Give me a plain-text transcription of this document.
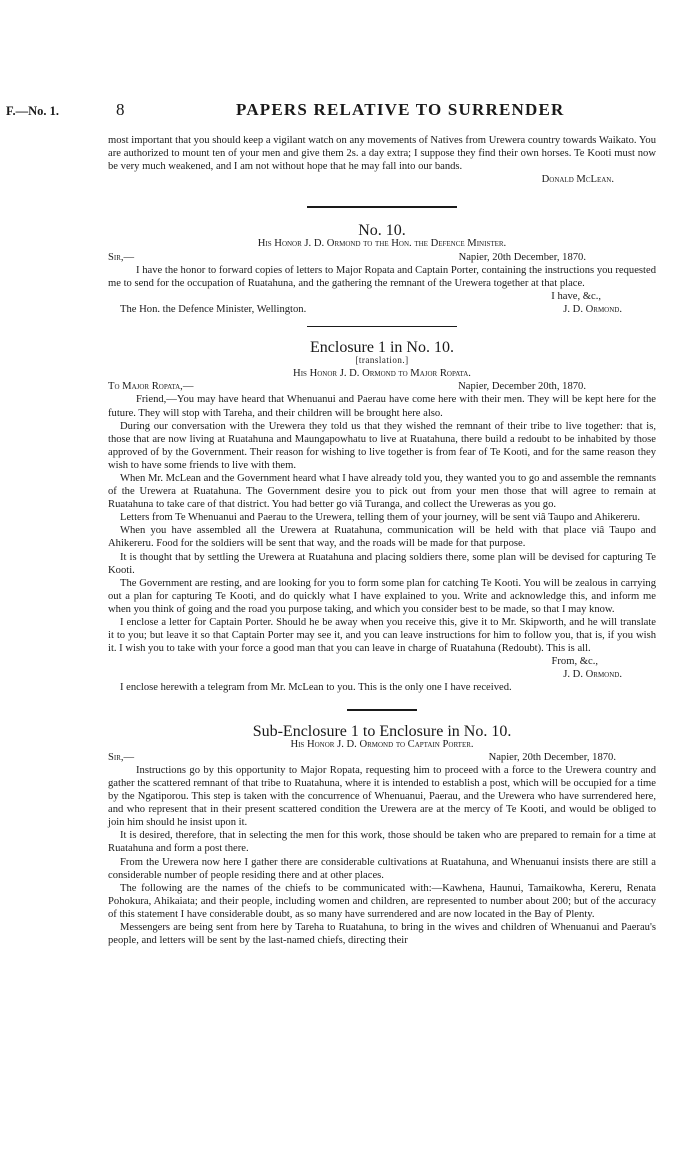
F.—No. 1.	8	PAPERS RELATIVE TO SURRENDER

most important that you should keep a vigilant watch on any movements of Natives from Urewera country towards Waikato. You are authorized to mount ten of your men and give them 2s. a day extra; I suppose they find their own horses. Te Kooti must now be very much weakened, and I am not without hope that he may fall into our bands.

Donald McLean.

No. 10.

His Honor J. D. Ormond to the Hon. the Defence Minister.

Sir,—	Napier, 20th December, 1870.

I have the honor to forward copies of letters to Major Ropata and Captain Porter, containing the instructions you requested me to send for the occupation of Ruatahuna, and the gathering the remnant of the Urewera together at that place.

I have, &c.,

The Hon. the Defence Minister, Wellington.	J. D. Ormond.

Enclosure 1 in No. 10.

[translation.]

His Honor J. D. Ormond to Major Ropata.

To Major Ropata,—	Napier, December 20th, 1870.

Friend,—You may have heard that Whenuanui and Paerau have come here with their men. They will be kept here for the future. They will stop with Tareha, and their children will be brought here also.

During our conversation with the Urewera they told us that they wished the remnant of their tribe to live together: that is, those that are now living at Ruatahuna and Maungapowhatu to live at Ruatahuna, there build a redoubt to be inhabited by those approved of by the Government. Their reason for wishing to live together is from fear of Te Kooti, and for the same reason they wish to have some friends to live with them.

When Mr. McLean and the Government heard what I have already told you, they wanted you to go and assemble the remnants of the Urewera at Ruatahuna. The Government desire you to pick out from your men those that will agree to remain at Ruatahuna to take care of that district. You had better go viâ Turanga, and collect the Ureweras as you go.

Letters from Te Whenuanui and Paerau to the Urewera, telling them of your journey, will be sent viâ Taupo and Ahikereru.

When you have assembled all the Urewera at Ruatahuna, communication will be held with that place viâ Taupo and Ahikereru. Food for the soldiers will be sent that way, and the roads will be made for that purpose.

It is thought that by settling the Urewera at Ruatahuna and placing soldiers there, some plan will be devised for capturing Te Kooti.

The Government are resting, and are looking for you to form some plan for catching Te Kooti. You will be zealous in carrying out a plan for capturing Te Kooti, and do quickly what I have explained to you. Write and acknowledge this, and inform me when you think of going and the road you purpose taking, and which you consider best to be made, so that I may know.

I enclose a letter for Captain Porter. Should he be away when you receive this, give it to Mr. Skipworth, and he will translate it to you; but leave it so that Captain Porter may see it, and you can leave instructions for him to follow you, that is, if you wish it. I wish you to take with your force a good man that you can leave in charge of Ruatahuna (Redoubt). This is all.

From, &c.,

J. D. Ormond.

I enclose herewith a telegram from Mr. McLean to you. This is the only one I have received.

Sub-Enclosure 1 to Enclosure in No. 10.

His Honor J. D. Ormond to Captain Porter.

Sir,—	Napier, 20th December, 1870.

Instructions go by this opportunity to Major Ropata, requesting him to proceed with a force to the Urewera country and gather the scattered remnant of that tribe to Ruatahuna, where it is intended to establish a post, which will be occupied for a time by the Ngatiporou. This step is taken with the concurrence of Whenuanui, Paerau, and the Urewera who have surrendered here, and who represent that in their present scattered condition the Urewera are at the mercy of Te Kooti, and would be obliged to join him should he insist upon it.

It is desired, therefore, that in selecting the men for this work, those should be taken who are prepared to remain for a time at Ruatahuna and form a post there.

From the Urewera now here I gather there are considerable cultivations at Ruatahuna, and Whenuanui insists there are still a considerable number of people residing there and at other places.

The following are the names of the chiefs to be communicated with:—Kawhena, Haunui, Tamaikowha, Kereru, Renata Pohokura, Ahikaiata; and their people, including women and children, are represented to number about 200; but of the accuracy of this statement I have considerable doubt, as so many have surrendered and are now located in the Bay of Plenty.

Messengers are being sent from here by Tareha to Ruatahuna, to bring in the wives and children of Whenuanui and Paerau's people, and letters will be sent by the last-named chiefs, directing their
